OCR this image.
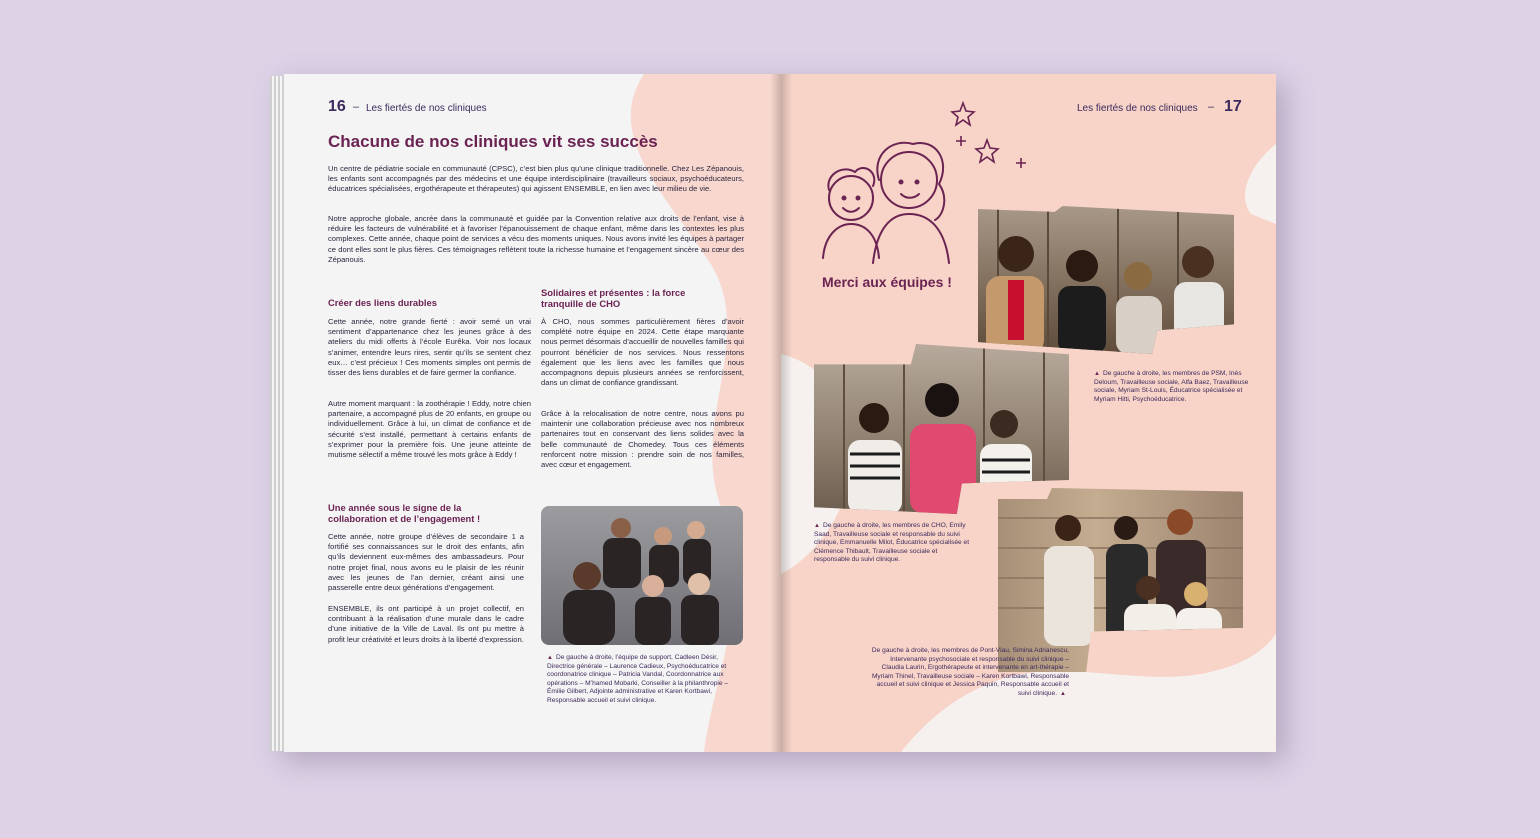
16 – Les fiertés de nos cliniques
Chacune de nos cliniques vit ses succès
Un centre de pédiatrie sociale en communauté (CPSC), c’est bien plus qu’une clinique traditionnelle. Chez Les Zépanouis, les enfants sont accompagnés par des médecins et une équipe interdisciplinaire (travailleurs sociaux, psychoéducateurs, éducatrices spécialisées, ergothérapeute et thérapeutes) qui agissent ENSEMBLE, en lien avec leur milieu de vie.
Notre approche globale, ancrée dans la communauté et guidée par la Convention relative aux droits de l’enfant, vise à réduire les facteurs de vulnérabilité et à favoriser l’épanouissement de chaque enfant, même dans les contextes les plus complexes. Cette année, chaque point de services a vécu des moments uniques. Nous avons invité les équipes à partager ce dont elles sont le plus fières. Ces témoignages reflètent toute la richesse humaine et l’engagement sincère au cœur des Zépanouis.
Créer des liens durables
Cette année, notre grande fierté : avoir semé un vrai sentiment d’appartenance chez les jeunes grâce à des ateliers du midi offerts à l’école Eurêka. Voir nos locaux s’animer, entendre leurs rires, sentir qu’ils se sentent chez eux… c’est précieux ! Ces moments simples ont permis de tisser des liens durables et de faire germer la confiance.
Autre moment marquant : la zoothérapie ! Eddy, notre chien partenaire, a accompagné plus de 20 enfants, en groupe ou individuellement. Grâce à lui, un climat de confiance et de sécurité s’est installé, permettant à certains enfants de s’exprimer pour la première fois. Une jeune atteinte de mutisme sélectif a même trouvé les mots grâce à Eddy !
Une année sous le signe de la collaboration et de l’engagement !
Cette année, notre groupe d’élèves de secondaire 1 a fortifié ses connaissances sur le droit des enfants, afin qu’ils deviennent eux-mêmes des ambassadeurs. Pour notre projet final, nous avons eu le plaisir de les réunir avec les jeunes de l’an dernier, créant ainsi une passerelle entre deux générations d’engagement.
ENSEMBLE, ils ont participé à un projet collectif, en contribuant à la réalisation d’une murale dans le cadre d’une initiative de la Ville de Laval. Ils ont pu mettre à profit leur créativité et leurs droits à la liberté d’expression.
Solidaires et présentes : la force tranquille de CHO
À CHO, nous sommes particulièrement fières d’avoir complété notre équipe en 2024. Cette étape marquante nous permet désormais d’accueillir de nouvelles familles qui pourront bénéficier de nos services. Nous ressentons également que les liens avec les familles que nous accompagnons depuis plusieurs années se renforcissent, dans un climat de confiance grandissant.
Grâce à la relocalisation de notre centre, nous avons pu maintenir une collaboration précieuse avec nos nombreux partenaires tout en conservant des liens solides avec la belle communauté de Chomedey. Tous ces éléments renforcent notre mission : prendre soin de nos familles, avec cœur et engagement.
▲ De gauche à droite, l’équipe de support, Cadleen Désir, Directrice générale – Laurence Cadieux, Psychoéducatrice et coordonatrice clinique – Patricia Vandal, Coordonnatrice aux opérations – M’hamed Mobarki, Conseiller à la philanthropie – Émilie Gilbert, Adjointe administrative et Karen Kortbawi, Responsable accueil et suivi clinique.
Les fiertés de nos cliniques – 17
Merci aux équipes !
▲ De gauche à droite, les membres de PSM, Inès Deloum, Travailleuse sociale, Alfa Baez, Travailleuse sociale, Myriam St-Louis, Éducatrice spécialisée et Myriam Hitti, Psychoéducatrice.
▲ De gauche à droite, les membres de CHO, Emily Saad, Travailleuse sociale et responsable du suivi clinique, Emmanuelle Milot, Éducatrice spécialisée et Clémence Thibault, Travailleuse sociale et responsable du suivi clinique.
De gauche à droite, les membres de Pont-Viau, Simina Adrianescu, Intervenante psychosociale et responsable du suivi clinique – Claudia Laurin, Ergothérapeute et intervenante en art-thérapie – Myriam Thinel, Travailleuse sociale – Karen Kortbawi, Responsable accueil et suivi clinique et Jessica Paquin, Responsable accueil et suivi clinique. ▲
